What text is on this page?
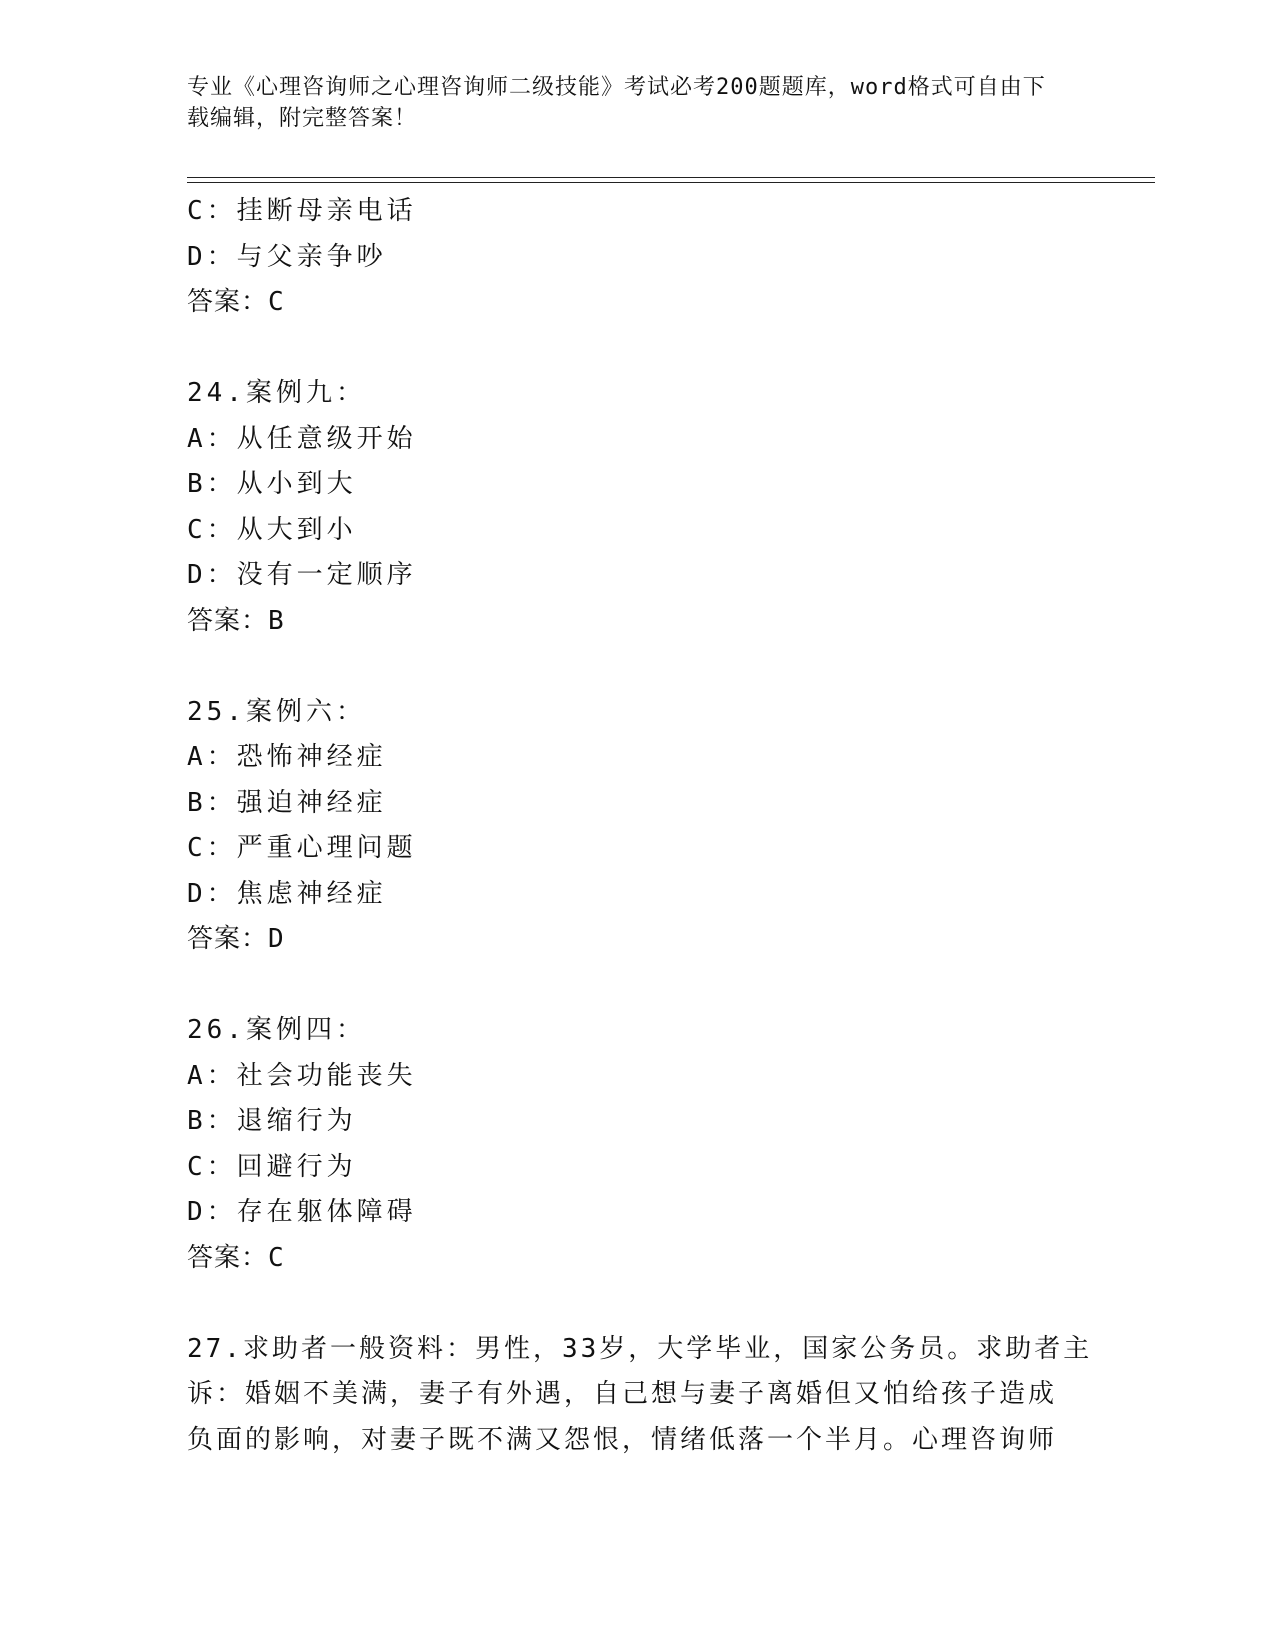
专业《心理咨询师之心理咨询师二级技能》考试必考200题题库，word格式可自由下载编辑，附完整答案！
C：挂断母亲电话
D：与父亲争吵
答案：C
24.案例九：
A：从任意级开始
B：从小到大
C：从大到小
D：没有一定顺序
答案：B
25.案例六：
A：恐怖神经症
B：强迫神经症
C：严重心理问题
D：焦虑神经症
答案：D
26.案例四：
A：社会功能丧失
B：退缩行为
C：回避行为
D：存在躯体障碍
答案：C
27.求助者一般资料：男性，33岁，大学毕业，国家公务员。求助者主
诉：婚姻不美满，妻子有外遇，自己想与妻子离婚但又怕给孩子造成
负面的影响，对妻子既不满又怨恨，情绪低落一个半月。心理咨询师
